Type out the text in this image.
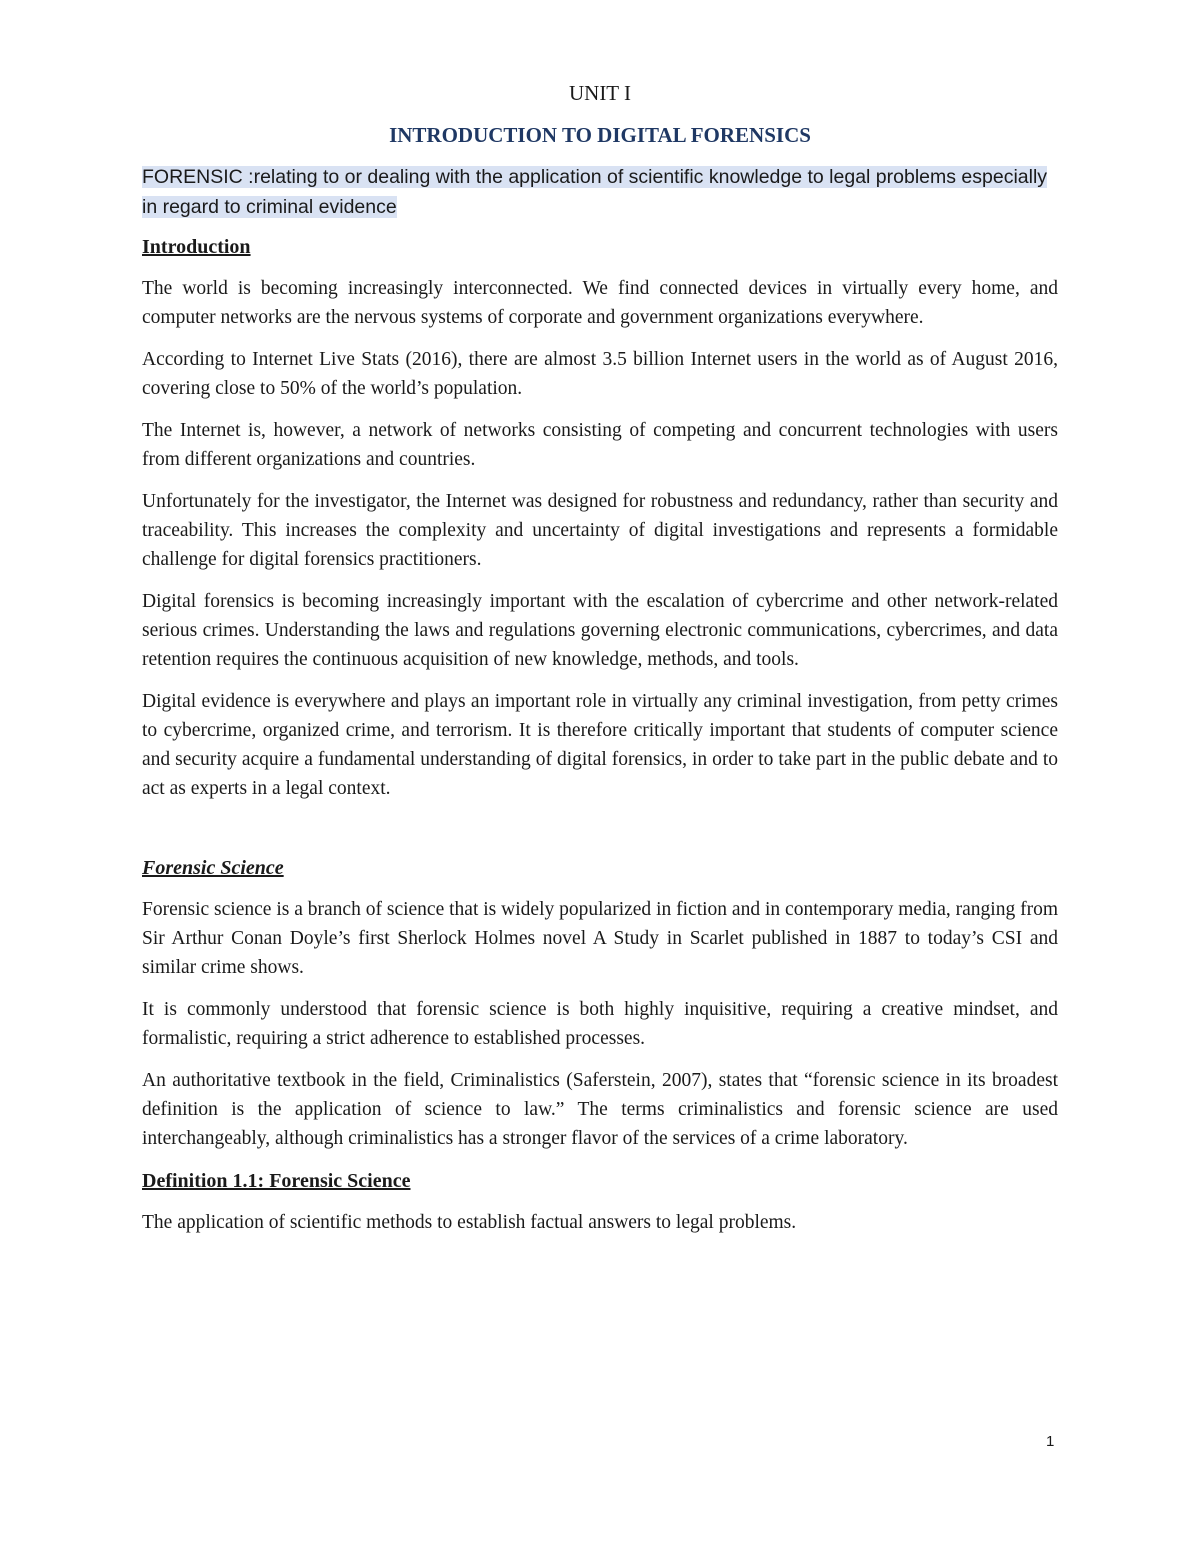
UNIT I
INTRODUCTION TO DIGITAL FORENSICS
FORENSIC :relating to or dealing with the application of scientific knowledge to legal problems especially in regard to criminal evidence
Introduction

The world is becoming increasingly interconnected. We find connected devices in virtually every home, and computer networks are the nervous systems of corporate and government organizations everywhere.

According to Internet Live Stats (2016), there are almost 3.5 billion Internet users in the world as of August 2016, covering close to 50% of the world’s population.

The Internet is, however, a network of networks consisting of competing and concurrent technologies with users from different organizations and countries.

Unfortunately for the investigator, the Internet was designed for robustness and redundancy, rather than security and traceability. This increases the complexity and uncertainty of digital investigations and represents a formidable challenge for digital forensics practitioners.

Digital forensics is becoming increasingly important with the escalation of cybercrime and other network-related serious crimes. Understanding the laws and regulations governing electronic communications, cybercrimes, and data retention requires the continuous acquisition of new knowledge, methods, and tools.

Digital evidence is everywhere and plays an important role in virtually any criminal investigation, from petty crimes to cybercrime, organized crime, and terrorism. It is therefore critically important that students of computer science and security acquire a fundamental understanding of digital forensics, in order to take part in the public debate and to act as experts in a legal context.

Forensic Science

Forensic science is a branch of science that is widely popularized in fiction and in contemporary media, ranging from Sir Arthur Conan Doyle’s first Sherlock Holmes novel A Study in Scarlet published in 1887 to today’s CSI and similar crime shows.

It is commonly understood that forensic science is both highly inquisitive, requiring a creative mindset, and formalistic, requiring a strict adherence to established processes.

An authoritative textbook in the field, Criminalistics (Saferstein, 2007), states that “forensic science in its broadest definition is the application of science to law.” The terms criminalistics and forensic science are used interchangeably, although criminalistics has a stronger flavor of the services of a crime laboratory.

Definition 1.1: Forensic Science

The application of scientific methods to establish factual answers to legal problems.

1
